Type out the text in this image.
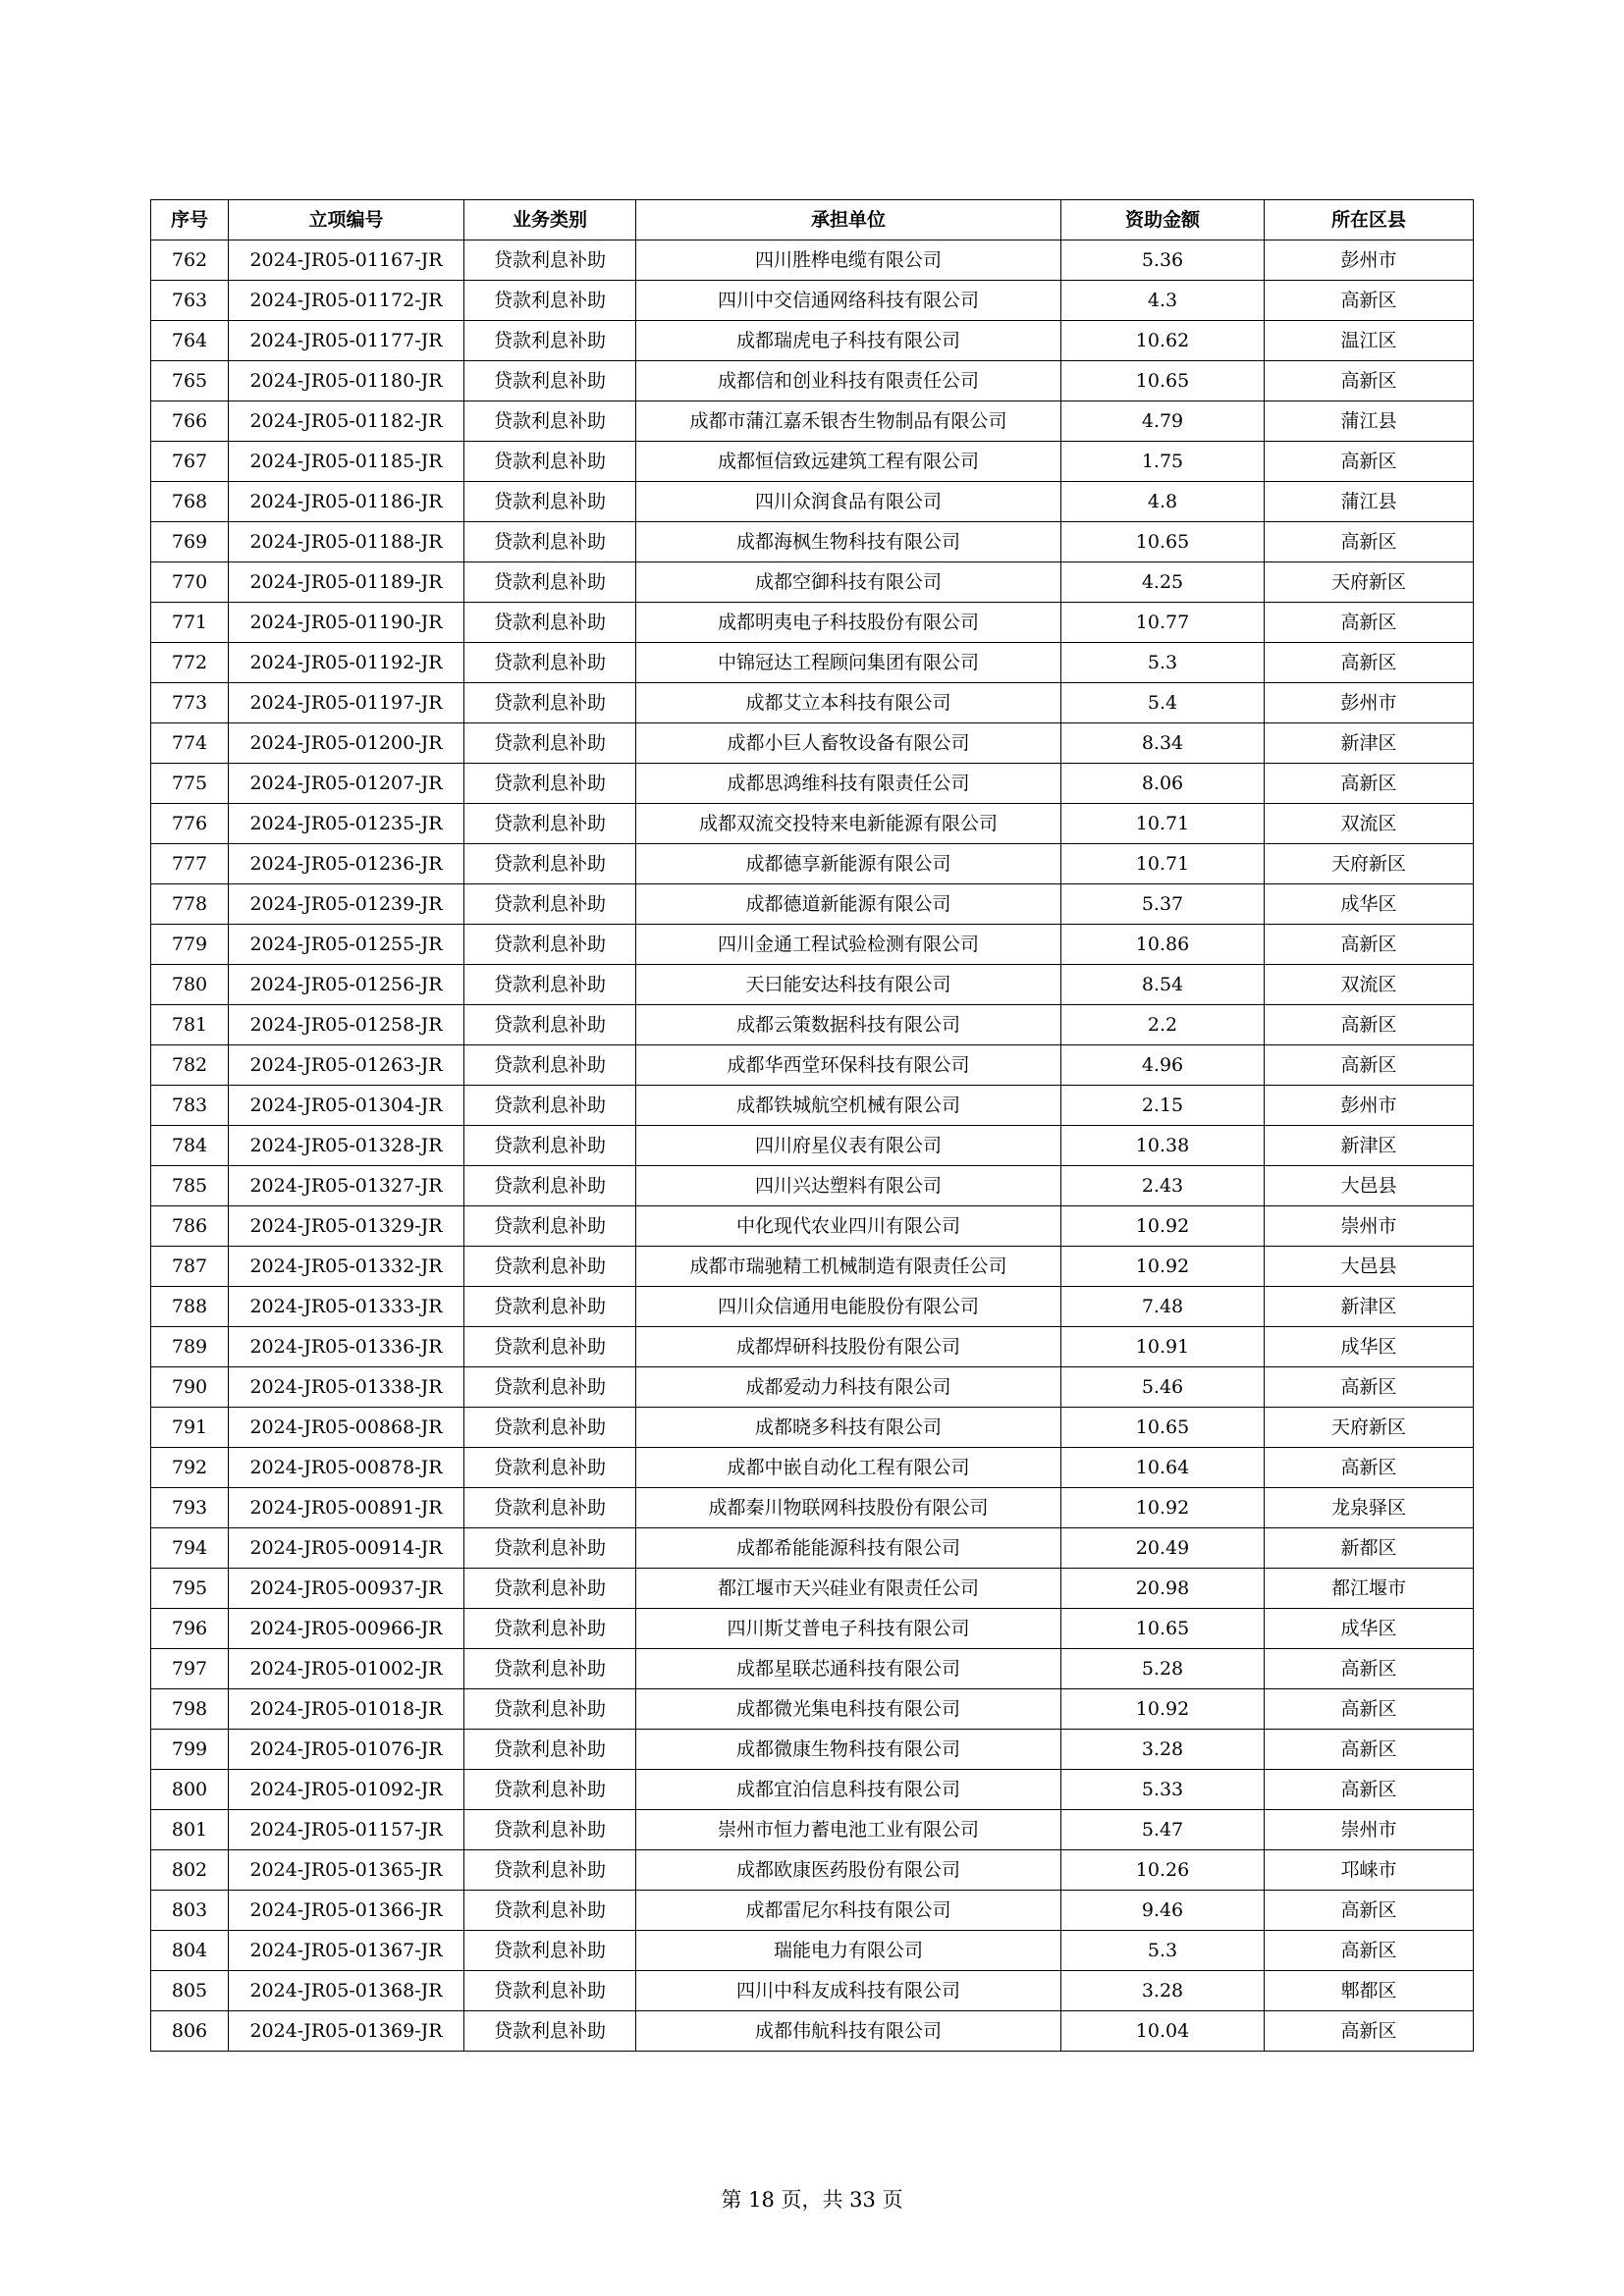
序号	立项编号	业务类别	承担单位	资助金额	所在区县
762	2024-JR05-01167-JR	贷款利息补助	四川胜桦电缆有限公司	5.36	彭州市
763	2024-JR05-01172-JR	贷款利息补助	四川中交信通网络科技有限公司	4.3	高新区
764	2024-JR05-01177-JR	贷款利息补助	成都瑞虎电子科技有限公司	10.62	温江区
765	2024-JR05-01180-JR	贷款利息补助	成都信和创业科技有限责任公司	10.65	高新区
766	2024-JR05-01182-JR	贷款利息补助	成都市蒲江嘉禾银杏生物制品有限公司	4.79	蒲江县
767	2024-JR05-01185-JR	贷款利息补助	成都恒信致远建筑工程有限公司	1.75	高新区
768	2024-JR05-01186-JR	贷款利息补助	四川众润食品有限公司	4.8	蒲江县
769	2024-JR05-01188-JR	贷款利息补助	成都海枫生物科技有限公司	10.65	高新区
770	2024-JR05-01189-JR	贷款利息补助	成都空御科技有限公司	4.25	天府新区
771	2024-JR05-01190-JR	贷款利息补助	成都明夷电子科技股份有限公司	10.77	高新区
772	2024-JR05-01192-JR	贷款利息补助	中锦冠达工程顾问集团有限公司	5.3	高新区
773	2024-JR05-01197-JR	贷款利息补助	成都艾立本科技有限公司	5.4	彭州市
774	2024-JR05-01200-JR	贷款利息补助	成都小巨人畜牧设备有限公司	8.34	新津区
775	2024-JR05-01207-JR	贷款利息补助	成都思鸿维科技有限责任公司	8.06	高新区
776	2024-JR05-01235-JR	贷款利息补助	成都双流交投特来电新能源有限公司	10.71	双流区
777	2024-JR05-01236-JR	贷款利息补助	成都德享新能源有限公司	10.71	天府新区
778	2024-JR05-01239-JR	贷款利息补助	成都德道新能源有限公司	5.37	成华区
779	2024-JR05-01255-JR	贷款利息补助	四川金通工程试验检测有限公司	10.86	高新区
780	2024-JR05-01256-JR	贷款利息补助	天曰能安达科技有限公司	8.54	双流区
781	2024-JR05-01258-JR	贷款利息补助	成都云策数据科技有限公司	2.2	高新区
782	2024-JR05-01263-JR	贷款利息补助	成都华西堂环保科技有限公司	4.96	高新区
783	2024-JR05-01304-JR	贷款利息补助	成都铁城航空机械有限公司	2.15	彭州市
784	2024-JR05-01328-JR	贷款利息补助	四川府星仪表有限公司	10.38	新津区
785	2024-JR05-01327-JR	贷款利息补助	四川兴达塑料有限公司	2.43	大邑县
786	2024-JR05-01329-JR	贷款利息补助	中化现代农业四川有限公司	10.92	崇州市
787	2024-JR05-01332-JR	贷款利息补助	成都市瑞驰精工机械制造有限责任公司	10.92	大邑县
788	2024-JR05-01333-JR	贷款利息补助	四川众信通用电能股份有限公司	7.48	新津区
789	2024-JR05-01336-JR	贷款利息补助	成都焊研科技股份有限公司	10.91	成华区
790	2024-JR05-01338-JR	贷款利息补助	成都爱动力科技有限公司	5.46	高新区
791	2024-JR05-00868-JR	贷款利息补助	成都晓多科技有限公司	10.65	天府新区
792	2024-JR05-00878-JR	贷款利息补助	成都中嵌自动化工程有限公司	10.64	高新区
793	2024-JR05-00891-JR	贷款利息补助	成都秦川物联网科技股份有限公司	10.92	龙泉驿区
794	2024-JR05-00914-JR	贷款利息补助	成都希能能源科技有限公司	20.49	新都区
795	2024-JR05-00937-JR	贷款利息补助	都江堰市天兴硅业有限责任公司	20.98	都江堰市
796	2024-JR05-00966-JR	贷款利息补助	四川斯艾普电子科技有限公司	10.65	成华区
797	2024-JR05-01002-JR	贷款利息补助	成都星联芯通科技有限公司	5.28	高新区
798	2024-JR05-01018-JR	贷款利息补助	成都微光集电科技有限公司	10.92	高新区
799	2024-JR05-01076-JR	贷款利息补助	成都微康生物科技有限公司	3.28	高新区
800	2024-JR05-01092-JR	贷款利息补助	成都宜泊信息科技有限公司	5.33	高新区
801	2024-JR05-01157-JR	贷款利息补助	崇州市恒力蓄电池工业有限公司	5.47	崇州市
802	2024-JR05-01365-JR	贷款利息补助	成都欧康医药股份有限公司	10.26	邛崃市
803	2024-JR05-01366-JR	贷款利息补助	成都雷尼尔科技有限公司	9.46	高新区
804	2024-JR05-01367-JR	贷款利息补助	瑞能电力有限公司	5.3	高新区
805	2024-JR05-01368-JR	贷款利息补助	四川中科友成科技有限公司	3.28	郫都区
806	2024-JR05-01369-JR	贷款利息补助	成都伟航科技有限公司	10.04	高新区
第 18 页，共 33 页
